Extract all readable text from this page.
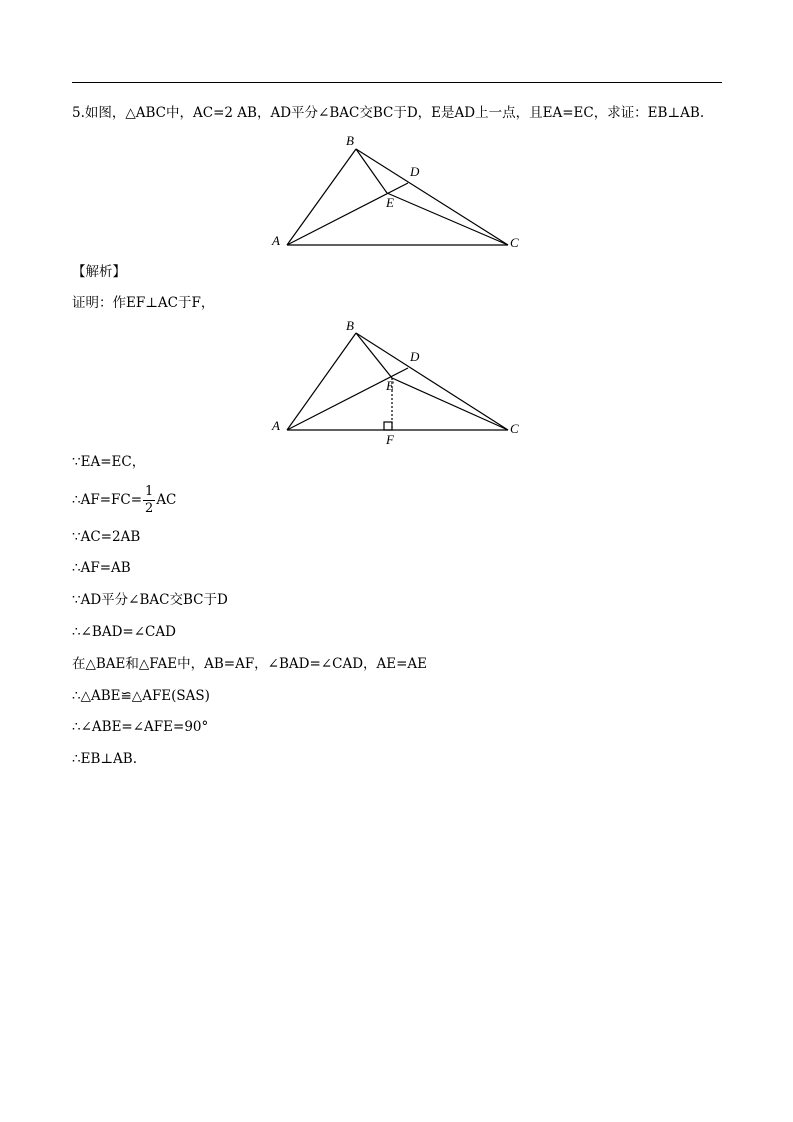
5.如图，△ABC中，AC=2 AB，AD平分∠BAC交BC于D，E是AD上一点，且EA=EC，求证：EB⊥AB.
A
B
C
D
E
【解析】
证明：作EF⊥AC于F，
A
B
C
D
E
F
∵EA=EC，
∴AF=FC= $\frac{1}{2}$ AC
∵AC=2AB
∴AF=AB
∵AD平分∠BAC交BC于D
∴∠BAD=∠CAD
在△BAE和△FAE中，AB=AF，∠BAD=∠CAD，AE=AE
∴△ABE≌△AFE(SAS)
∴∠ABE=∠AFE=90°
∴EB⊥AB.
